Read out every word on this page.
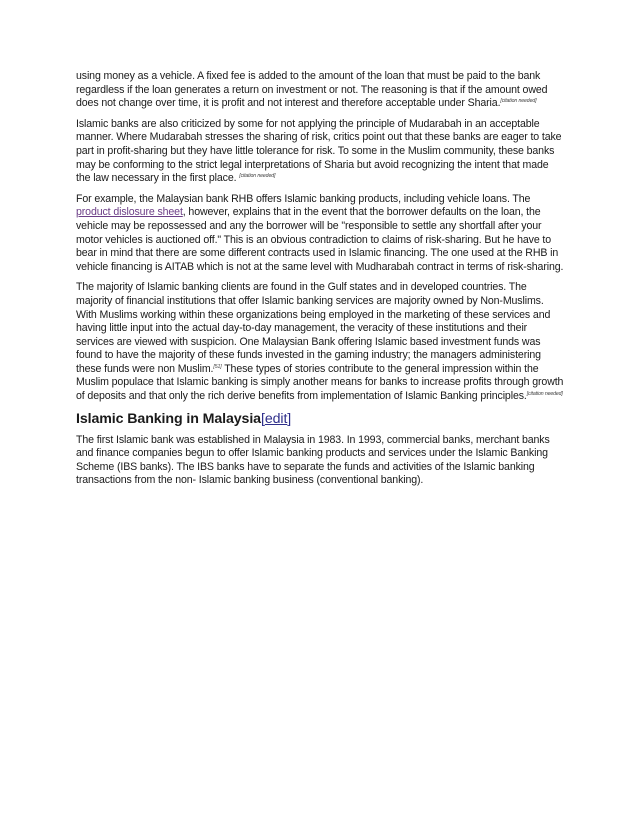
using money as a vehicle. A fixed fee is added to the amount of the loan that must be paid to the bank regardless if the loan generates a return on investment or not. The reasoning is that if the amount owed does not change over time, it is profit and not interest and therefore acceptable under Sharia.[citation needed]

Islamic banks are also criticized by some for not applying the principle of Mudarabah in an acceptable manner. Where Mudarabah stresses the sharing of risk, critics point out that these banks are eager to take part in profit-sharing but they have little tolerance for risk. To some in the Muslim community, these banks may be conforming to the strict legal interpretations of Sharia but avoid recognizing the intent that made the law necessary in the first place. [citation needed]

For example, the Malaysian bank RHB offers Islamic banking products, including vehicle loans. The product dislosure sheet, however, explains that in the event that the borrower defaults on the loan, the vehicle may be repossessed and any the borrower will be "responsible to settle any shortfall after your motor vehicles is auctioned off." This is an obvious contradiction to claims of risk-sharing. But he have to bear in mind that there are some different contracts used in Islamic financing. The one used at the RHB in vehicle financing is AITAB which is not at the same level with Mudharabah contract in terms of risk-sharing.

The majority of Islamic banking clients are found in the Gulf states and in developed countries. The majority of financial institutions that offer Islamic banking services are majority owned by Non-Muslims. With Muslims working within these organizations being employed in the marketing of these services and having little input into the actual day-to-day management, the veracity of these institutions and their services are viewed with suspicion. One Malaysian Bank offering Islamic based investment funds was found to have the majority of these funds invested in the gaming industry; the managers administering these funds were non Muslim.[51] These types of stories contribute to the general impression within the Muslim populace that Islamic banking is simply another means for banks to increase profits through growth of deposits and that only the rich derive benefits from implementation of Islamic Banking principles.[citation needed]

Islamic Banking in Malaysia[edit]

The first Islamic bank was established in Malaysia in 1983. In 1993, commercial banks, merchant banks and finance companies begun to offer Islamic banking products and services under the Islamic Banking Scheme (IBS banks). The IBS banks have to separate the funds and activities of the Islamic banking transactions from the non- Islamic banking business (conventional banking).
